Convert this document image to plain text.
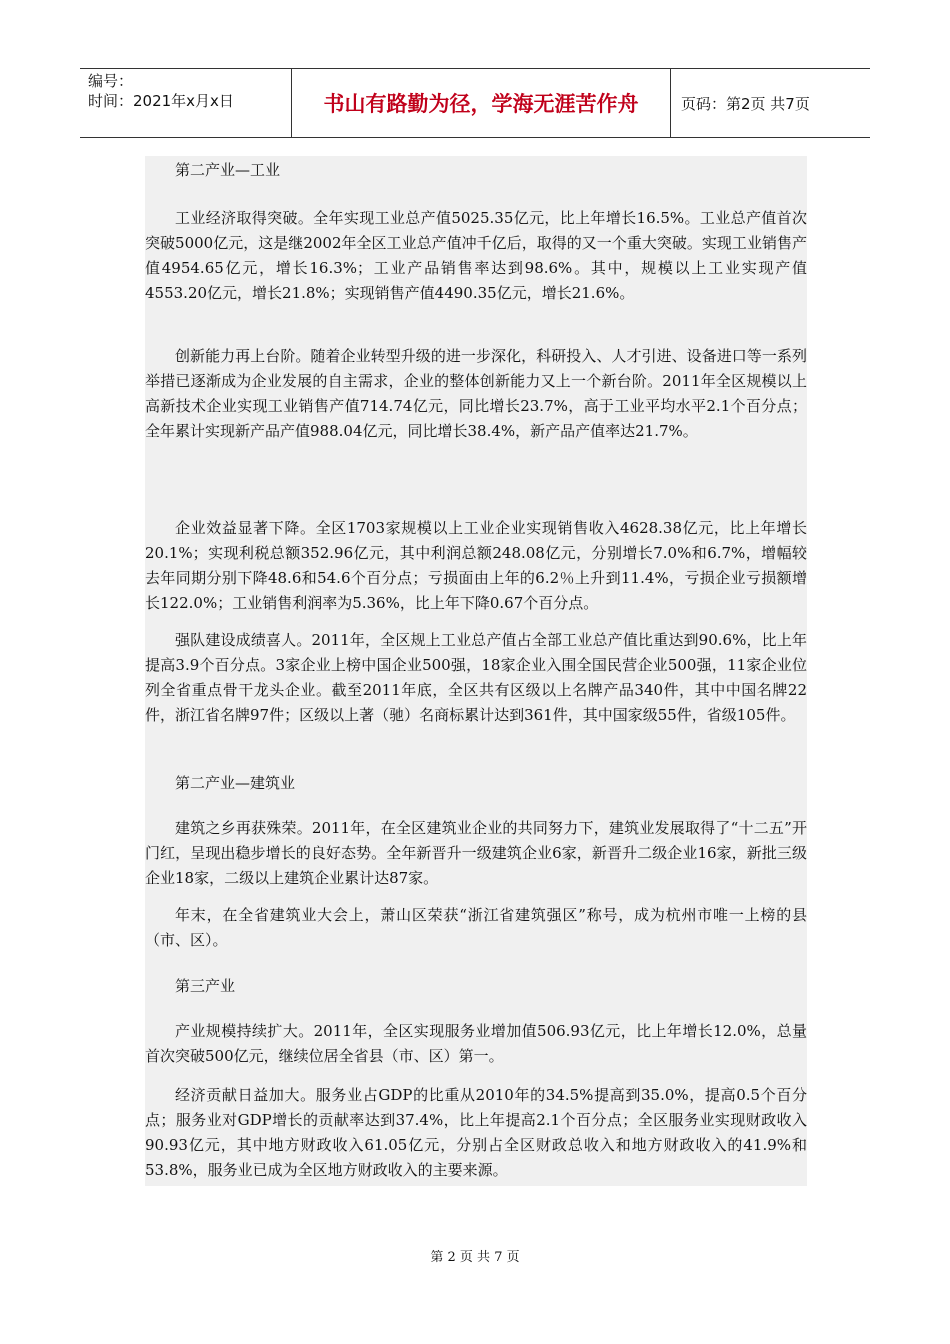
编号：
时间：2021年x月x日	书山有路勤为径，学海无涯苦作舟	页码：第2页 共7页

第二产业—工业

工业经济取得突破。全年实现工业总产值5025.35亿元，比上年增长16.5%。工业总产值首次突破5000亿元，这是继2002年全区工业总产值冲千亿后，取得的又一个重大突破。实现工业销售产值4954.65亿元，增长16.3%；工业产品销售率达到98.6%。其中，规模以上工业实现产值4553.20亿元，增长21.8%；实现销售产值4490.35亿元，增长21.6%。

创新能力再上台阶。随着企业转型升级的进一步深化，科研投入、人才引进、设备进口等一系列举措已逐渐成为企业发展的自主需求，企业的整体创新能力又上一个新台阶。2011年全区规模以上高新技术企业实现工业销售产值714.74亿元，同比增长23.7%，高于工业平均水平2.1个百分点；全年累计实现新产品产值988.04亿元，同比增长38.4%，新产品产值率达21.7%。

企业效益显著下降。全区1703家规模以上工业企业实现销售收入4628.38亿元，比上年增长20.1%；实现利税总额352.96亿元，其中利润总额248.08亿元，分别增长7.0%和6.7%，增幅较去年同期分别下降48.6和54.6个百分点；亏损面由上年的6.2％上升到11.4%，亏损企业亏损额增长122.0%；工业销售利润率为5.36%，比上年下降0.67个百分点。

强队建设成绩喜人。2011年，全区规上工业总产值占全部工业总产值比重达到90.6%，比上年提高3.9个百分点。3家企业上榜中国企业500强，18家企业入围全国民营企业500强，11家企业位列全省重点骨干龙头企业。截至2011年底，全区共有区级以上名牌产品340件，其中中国名牌22件，浙江省名牌97件；区级以上著（驰）名商标累计达到361件，其中国家级55件，省级105件。

第二产业—建筑业

建筑之乡再获殊荣。2011年，在全区建筑业企业的共同努力下，建筑业发展取得了“十二五”开门红，呈现出稳步增长的良好态势。全年新晋升一级建筑企业6家，新晋升二级企业16家，新批三级企业18家，二级以上建筑企业累计达87家。

年末，在全省建筑业大会上，萧山区荣获“浙江省建筑强区”称号，成为杭州市唯一上榜的县（市、区）。

第三产业

产业规模持续扩大。2011年，全区实现服务业增加值506.93亿元，比上年增长12.0%，总量首次突破500亿元，继续位居全省县（市、区）第一。

经济贡献日益加大。服务业占GDP的比重从2010年的34.5%提高到35.0%，提高0.5个百分点；服务业对GDP增长的贡献率达到37.4%，比上年提高2.1个百分点；全区服务业实现财政收入90.93亿元，其中地方财政收入61.05亿元，分别占全区财政总收入和地方财政收入的41.9%和53.8%，服务业已成为全区地方财政收入的主要来源。

第 2 页 共 7 页
